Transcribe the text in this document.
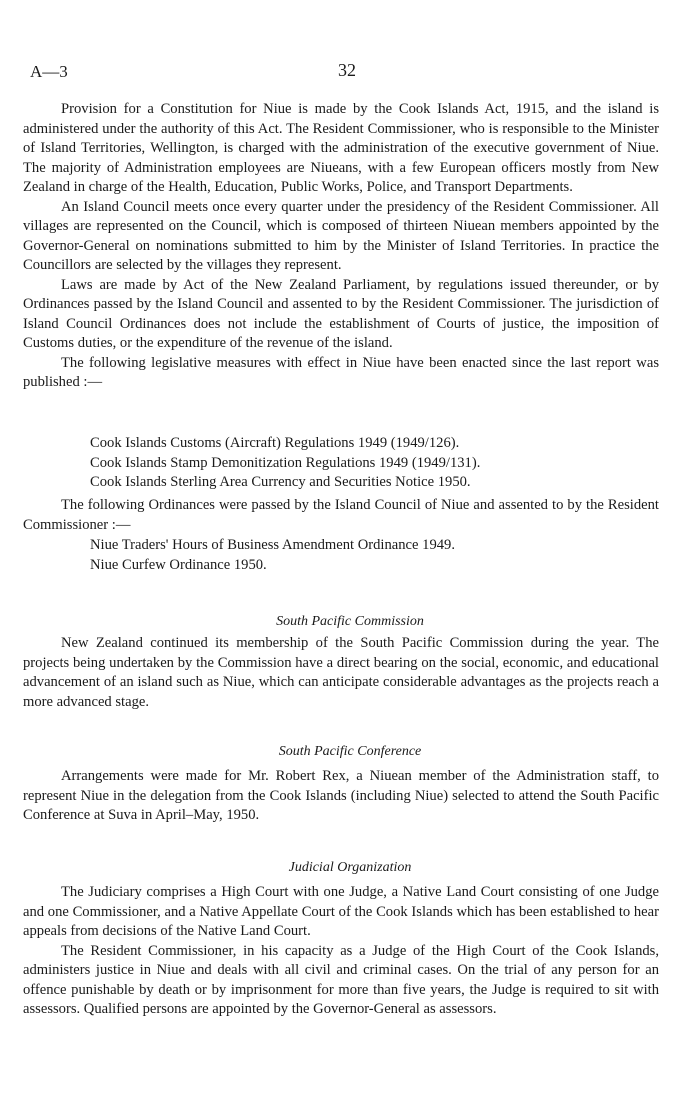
A—3	32

Provision for a Constitution for Niue is made by the Cook Islands Act, 1915, and the island is administered under the authority of this Act. The Resident Commissioner, who is responsible to the Minister of Island Territories, Wellington, is charged with the administration of the executive government of Niue. The majority of Administration employees are Niueans, with a few European officers mostly from New Zealand in charge of the Health, Education, Public Works, Police, and Transport Departments.

An Island Council meets once every quarter under the presidency of the Resident Commissioner. All villages are represented on the Council, which is composed of thirteen Niuean members appointed by the Governor-General on nominations submitted to him by the Minister of Island Territories. In practice the Councillors are selected by the villages they represent.

Laws are made by Act of the New Zealand Parliament, by regulations issued thereunder, or by Ordinances passed by the Island Council and assented to by the Resident Commissioner. The jurisdiction of Island Council Ordinances does not include the establishment of Courts of justice, the imposition of Customs duties, or the expenditure of the revenue of the island.

The following legislative measures with effect in Niue have been enacted since the last report was published :—

Cook Islands Customs (Aircraft) Regulations 1949 (1949/126).
Cook Islands Stamp Demonitization Regulations 1949 (1949/131).
Cook Islands Sterling Area Currency and Securities Notice 1950.

The following Ordinances were passed by the Island Council of Niue and assented to by the Resident Commissioner :—

Niue Traders' Hours of Business Amendment Ordinance 1949.
Niue Curfew Ordinance 1950.
South Pacific Commission

New Zealand continued its membership of the South Pacific Commission during the year. The projects being undertaken by the Commission have a direct bearing on the social, economic, and educational advancement of an island such as Niue, which can anticipate considerable advantages as the projects reach a more advanced stage.

South Pacific Conference

Arrangements were made for Mr. Robert Rex, a Niuean member of the Administration staff, to represent Niue in the delegation from the Cook Islands (including Niue) selected to attend the South Pacific Conference at Suva in April–May, 1950.

Judicial Organization

The Judiciary comprises a High Court with one Judge, a Native Land Court consisting of one Judge and one Commissioner, and a Native Appellate Court of the Cook Islands which has been established to hear appeals from decisions of the Native Land Court.

The Resident Commissioner, in his capacity as a Judge of the High Court of the Cook Islands, administers justice in Niue and deals with all civil and criminal cases. On the trial of any person for an offence punishable by death or by imprisonment for more than five years, the Judge is required to sit with assessors. Qualified persons are appointed by the Governor-General as assessors.
